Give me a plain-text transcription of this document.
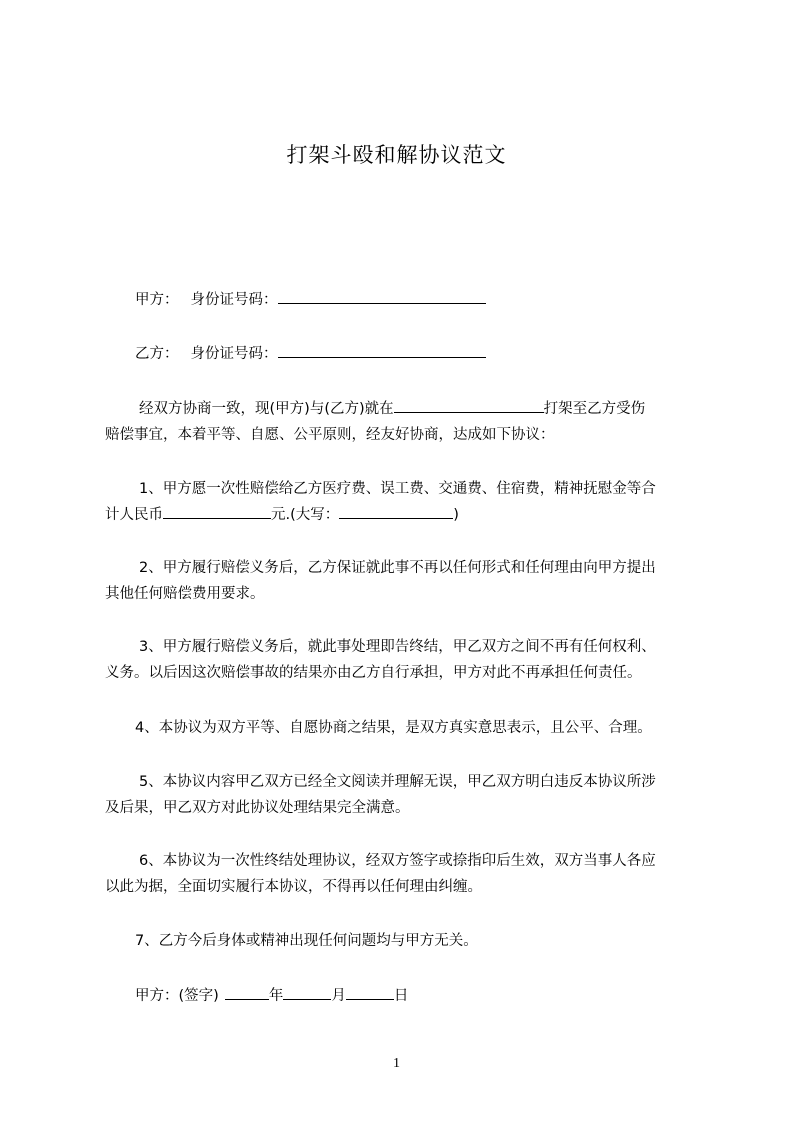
打架斗殴和解协议范文
甲方： 身份证号码：
乙方： 身份证号码：
经双方协商一致，现(甲方)与(乙方)就在	打架至乙方受伤
赔偿事宜，本着平等、自愿、公平原则，经友好协商，达成如下协议：
1、甲方愿一次性赔偿给乙方医疗费、误工费、交通费、住宿费，精神抚慰金等合
计人民币	元.(大写：	)
2、甲方履行赔偿义务后，乙方保证就此事不再以任何形式和任何理由向甲方提出
其他任何赔偿费用要求。
3、甲方履行赔偿义务后，就此事处理即告终结，甲乙双方之间不再有任何权利、
义务。以后因这次赔偿事故的结果亦由乙方自行承担，甲方对此不再承担任何责任。
4、本协议为双方平等、自愿协商之结果，是双方真实意思表示，且公平、合理。
5、本协议内容甲乙双方已经全文阅读并理解无误，甲乙双方明白违反本协议所涉
及后果，甲乙双方对此协议处理结果完全满意。
6、本协议为一次性终结处理协议，经双方签字或捺指印后生效，双方当事人各应
以此为据，全面切实履行本协议，不得再以任何理由纠缠。
7、乙方今后身体或精神出现任何问题均与甲方无关。
甲方：(签字)	年	月	日
1
